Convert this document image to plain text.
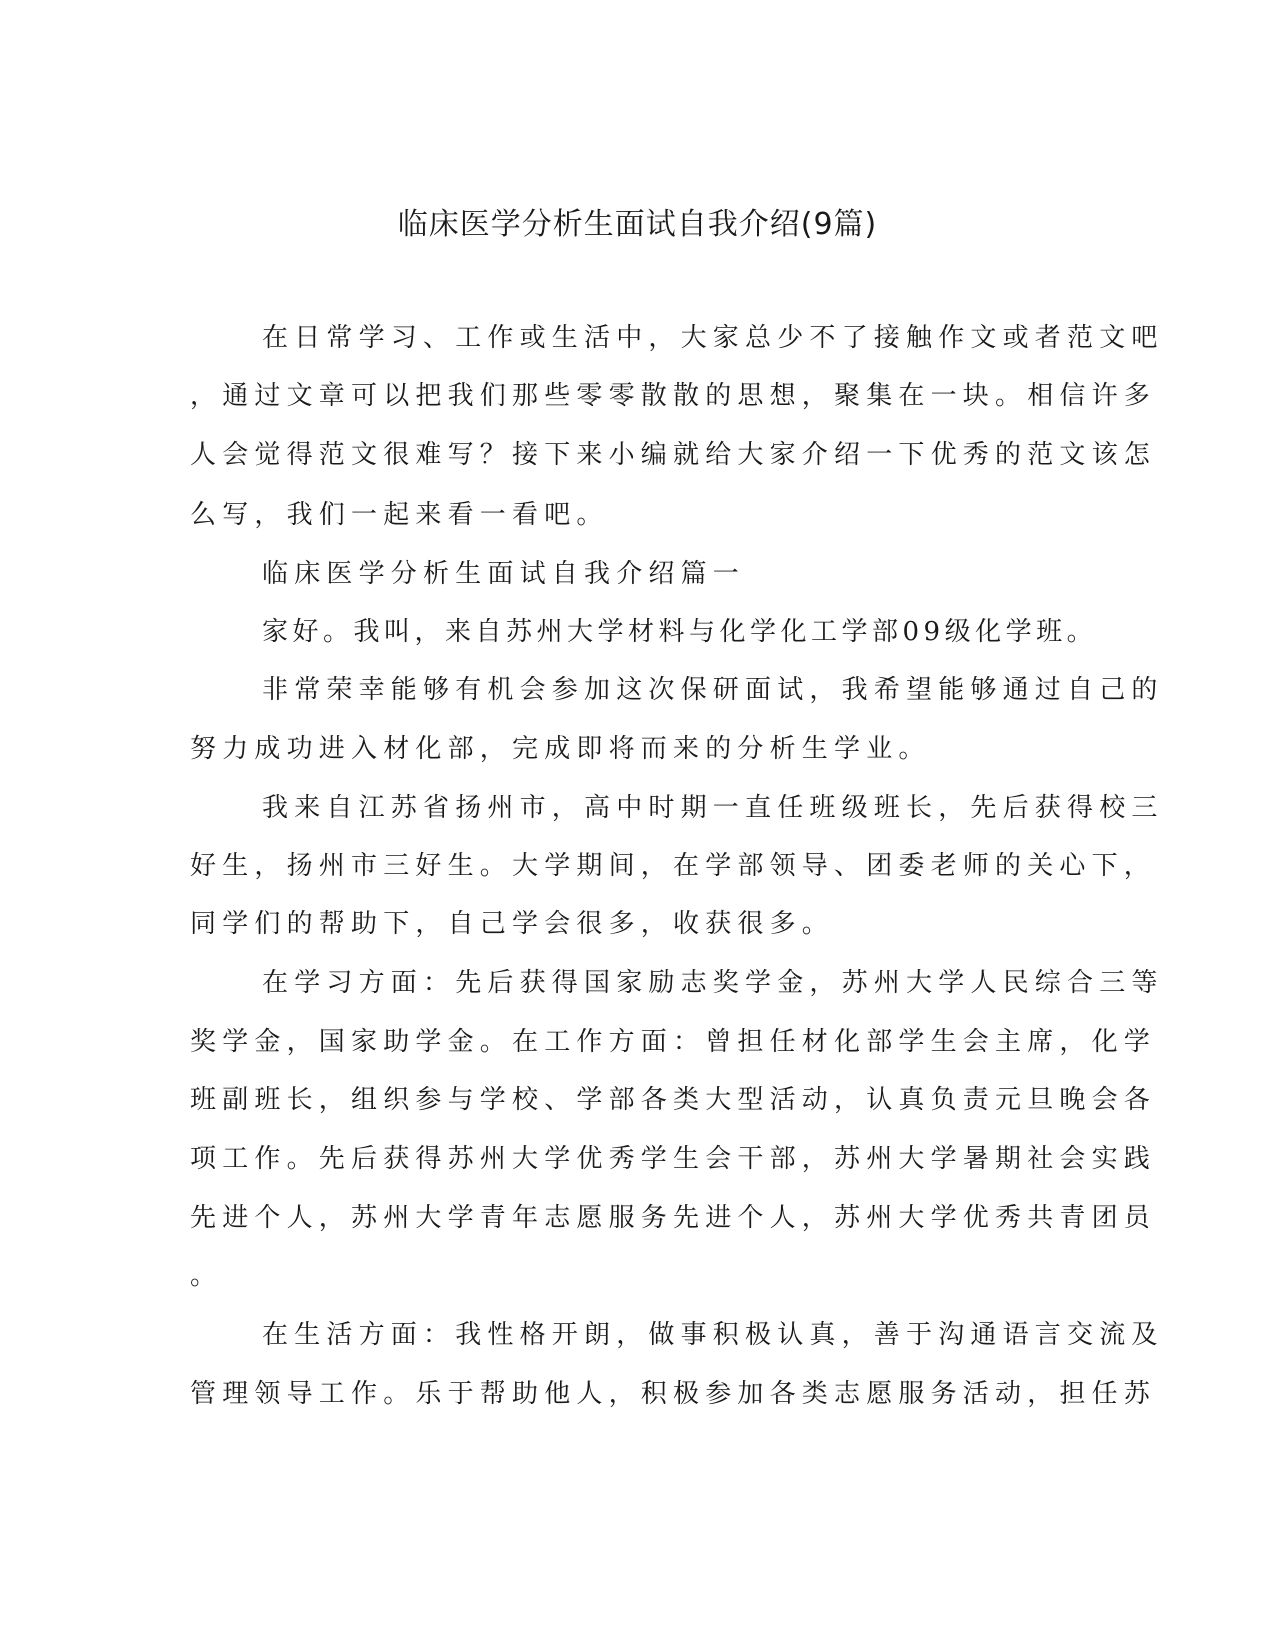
临床医学分析生面试自我介绍(9篇)
在日常学习、工作或生活中，大家总少不了接触作文或者范文吧
，通过文章可以把我们那些零零散散的思想，聚集在一块。相信许多
人会觉得范文很难写？接下来小编就给大家介绍一下优秀的范文该怎
么写，我们一起来看一看吧。
临床医学分析生面试自我介绍篇一
家好。我叫，来自苏州大学材料与化学化工学部09级化学班。
非常荣幸能够有机会参加这次保研面试，我希望能够通过自己的
努力成功进入材化部，完成即将而来的分析生学业。
我来自江苏省扬州市，高中时期一直任班级班长，先后获得校三
好生，扬州市三好生。大学期间，在学部领导、团委老师的关心下，
同学们的帮助下，自己学会很多，收获很多。
在学习方面：先后获得国家励志奖学金，苏州大学人民综合三等
奖学金，国家助学金。在工作方面：曾担任材化部学生会主席，化学
班副班长，组织参与学校、学部各类大型活动，认真负责元旦晚会各
项工作。先后获得苏州大学优秀学生会干部，苏州大学暑期社会实践
先进个人，苏州大学青年志愿服务先进个人，苏州大学优秀共青团员
。
在生活方面：我性格开朗，做事积极认真，善于沟通语言交流及
管理领导工作。乐于帮助他人，积极参加各类志愿服务活动，担任苏
